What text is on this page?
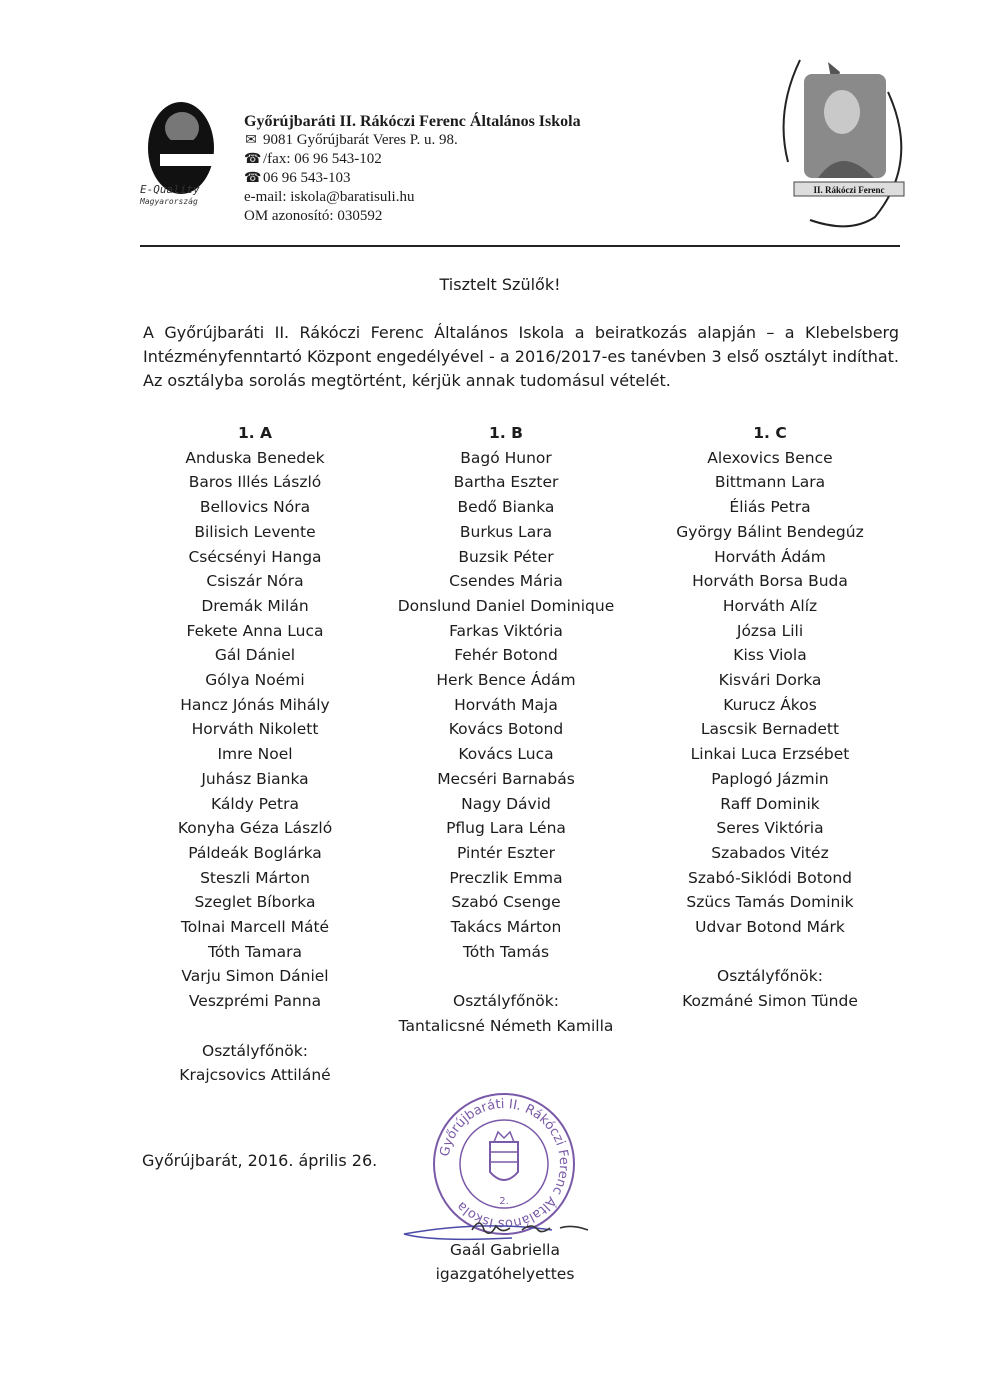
E-Quality
Magyarország
Győrújbaráti II. Rákóczi Ferenc Általános Iskola
✉ 9081 Győrújbarát Veres P. u. 98.
☎ /fax: 06 96 543-102
☎ 06 96 543-103
e-mail: iskola@baratisuli.hu
OM azonosító: 030592
II. Rákóczi Ferenc
Tisztelt Szülők!
A Győrújbaráti II. Rákóczi Ferenc Általános Iskola a beiratkozás alapján – a Klebelsberg
Intézményfenntartó Központ engedélyével - a 2016/2017-es tanévben 3 első osztályt indíthat.
Az osztályba sorolás megtörtént, kérjük annak tudomásul vételét.
1. A
Anduska Benedek
Baros Illés László
Bellovics Nóra
Bilisich Levente
Csécsényi Hanga
Csiszár Nóra
Dremák Milán
Fekete Anna Luca
Gál Dániel
Gólya Noémi
Hancz Jónás Mihály
Horváth Nikolett
Imre Noel
Juhász Bianka
Káldy Petra
Konyha Géza László
Páldeák Boglárka
Steszli Márton
Szeglet Bíborka
Tolnai Marcell Máté
Tóth Tamara
Varju Simon Dániel
Veszprémi Panna
Osztályfőnök:
Krajcsovics Attiláné
1. B
Bagó Hunor
Bartha Eszter
Bedő Bianka
Burkus Lara
Buzsik Péter
Csendes Mária
Donslund Daniel Dominique
Farkas Viktória
Fehér Botond
Herk Bence Ádám
Horváth Maja
Kovács Botond
Kovács Luca
Mecséri Barnabás
Nagy Dávid
Pflug Lara Léna
Pintér Eszter
Preczlik Emma
Szabó Csenge
Takács Márton
Tóth Tamás
Osztályfőnök:
Tantalicsné Németh Kamilla
1. C
Alexovics Bence
Bittmann Lara
Éliás Petra
György Bálint Bendegúz
Horváth Ádám
Horváth Borsa Buda
Horváth Alíz
Józsa Lili
Kiss Viola
Kisvári Dorka
Kurucz Ákos
Lascsik Bernadett
Linkai Luca Erzsébet
Paplogó Jázmin
Raff Dominik
Seres Viktória
Szabados Vitéz
Szabó-Siklódi Botond
Szücs Tamás Dominik
Udvar Botond Márk
Osztályfőnök:
Kozmáné Simon Tünde
Győrújbarát, 2016. április 26.	Győrújbaráti II. Rákóczi Ferenc Általános Iskola	2.
Gaál Gabriella
igazgatóhelyettes
